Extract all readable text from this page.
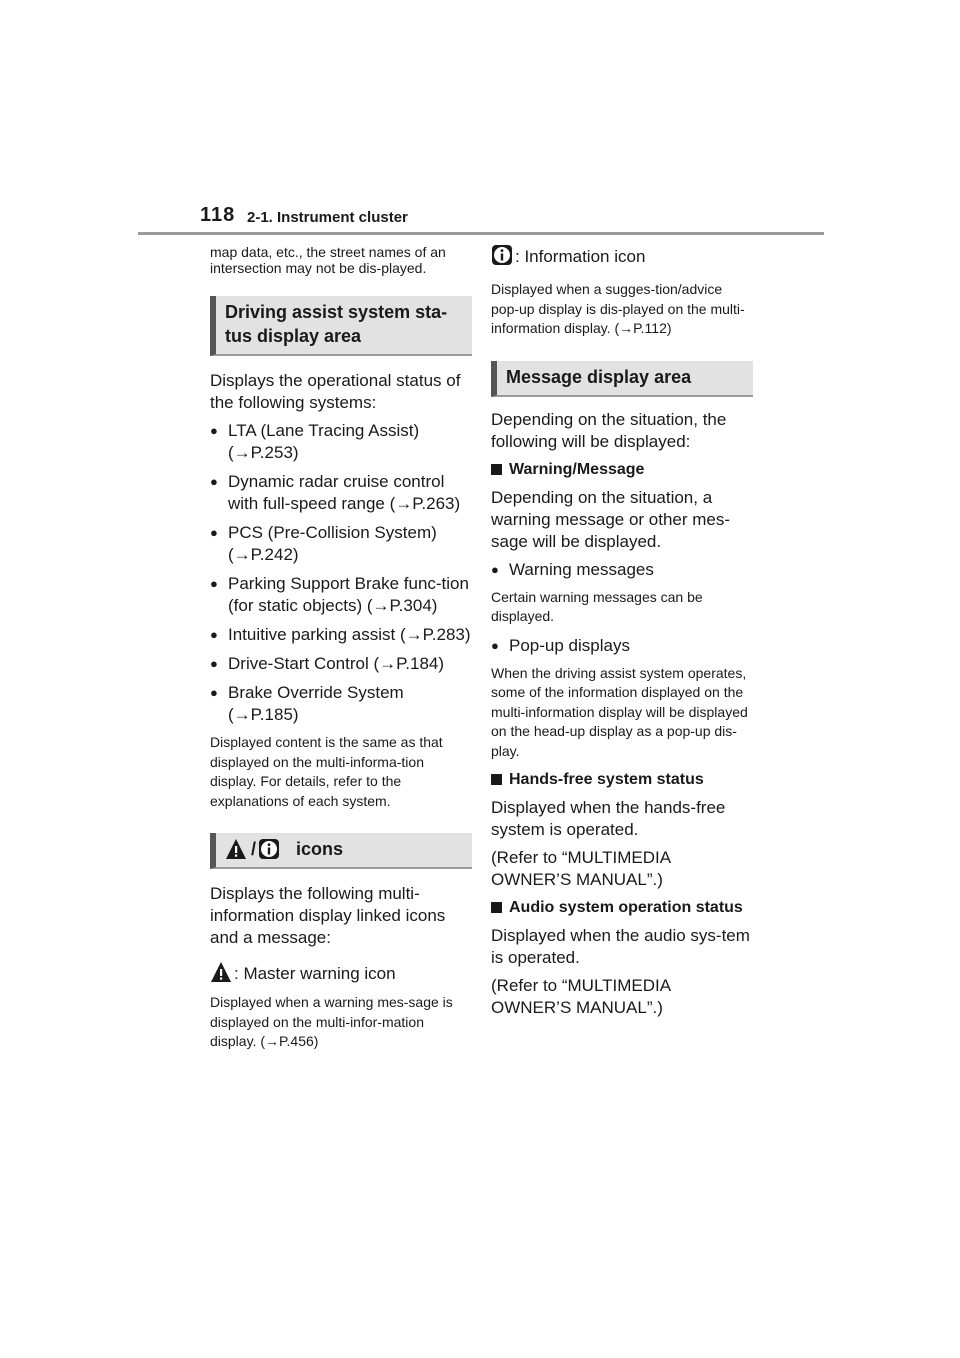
118 2-1. Instrument cluster

map data, etc., the street names of an intersection may not be dis-played.

Driving assist system sta-tus display area

Displays the operational status of the following systems:

● LTA (Lane Tracing Assist) (→P.253)

● Dynamic radar cruise control with full-speed range (→P.263)

● PCS (Pre-Collision System) (→P.242)

● Parking Support Brake func-tion (for static objects) (→P.304)

● Intuitive parking assist (→P.283)

● Drive-Start Control (→P.184)

● Brake Override System (→P.185)

Displayed content is the same as that displayed on the multi-informa-tion display. For details, refer to the explanations of each system.

/ icons

Displays the following multi-information display linked icons and a message:

: Master warning icon

Displayed when a warning mes-sage is displayed on the multi-infor-mation display. (→P.456)

: Information icon

Displayed when a sugges-tion/advice pop-up display is dis-played on the multi-information display. (→P.112)

Message display area

Depending on the situation, the following will be displayed:

Warning/Message

Depending on the situation, a warning message or other mes-sage will be displayed.

● Warning messages

Certain warning messages can be displayed.

● Pop-up displays

When the driving assist system operates, some of the information displayed on the multi-information display will be displayed on the head-up display as a pop-up dis-play.

Hands-free system status

Displayed when the hands-free system is operated.

(Refer to “MULTIMEDIA OWNER’S MANUAL”.)

Audio system operation status

Displayed when the audio sys-tem is operated.

(Refer to “MULTIMEDIA OWNER’S MANUAL”.)
